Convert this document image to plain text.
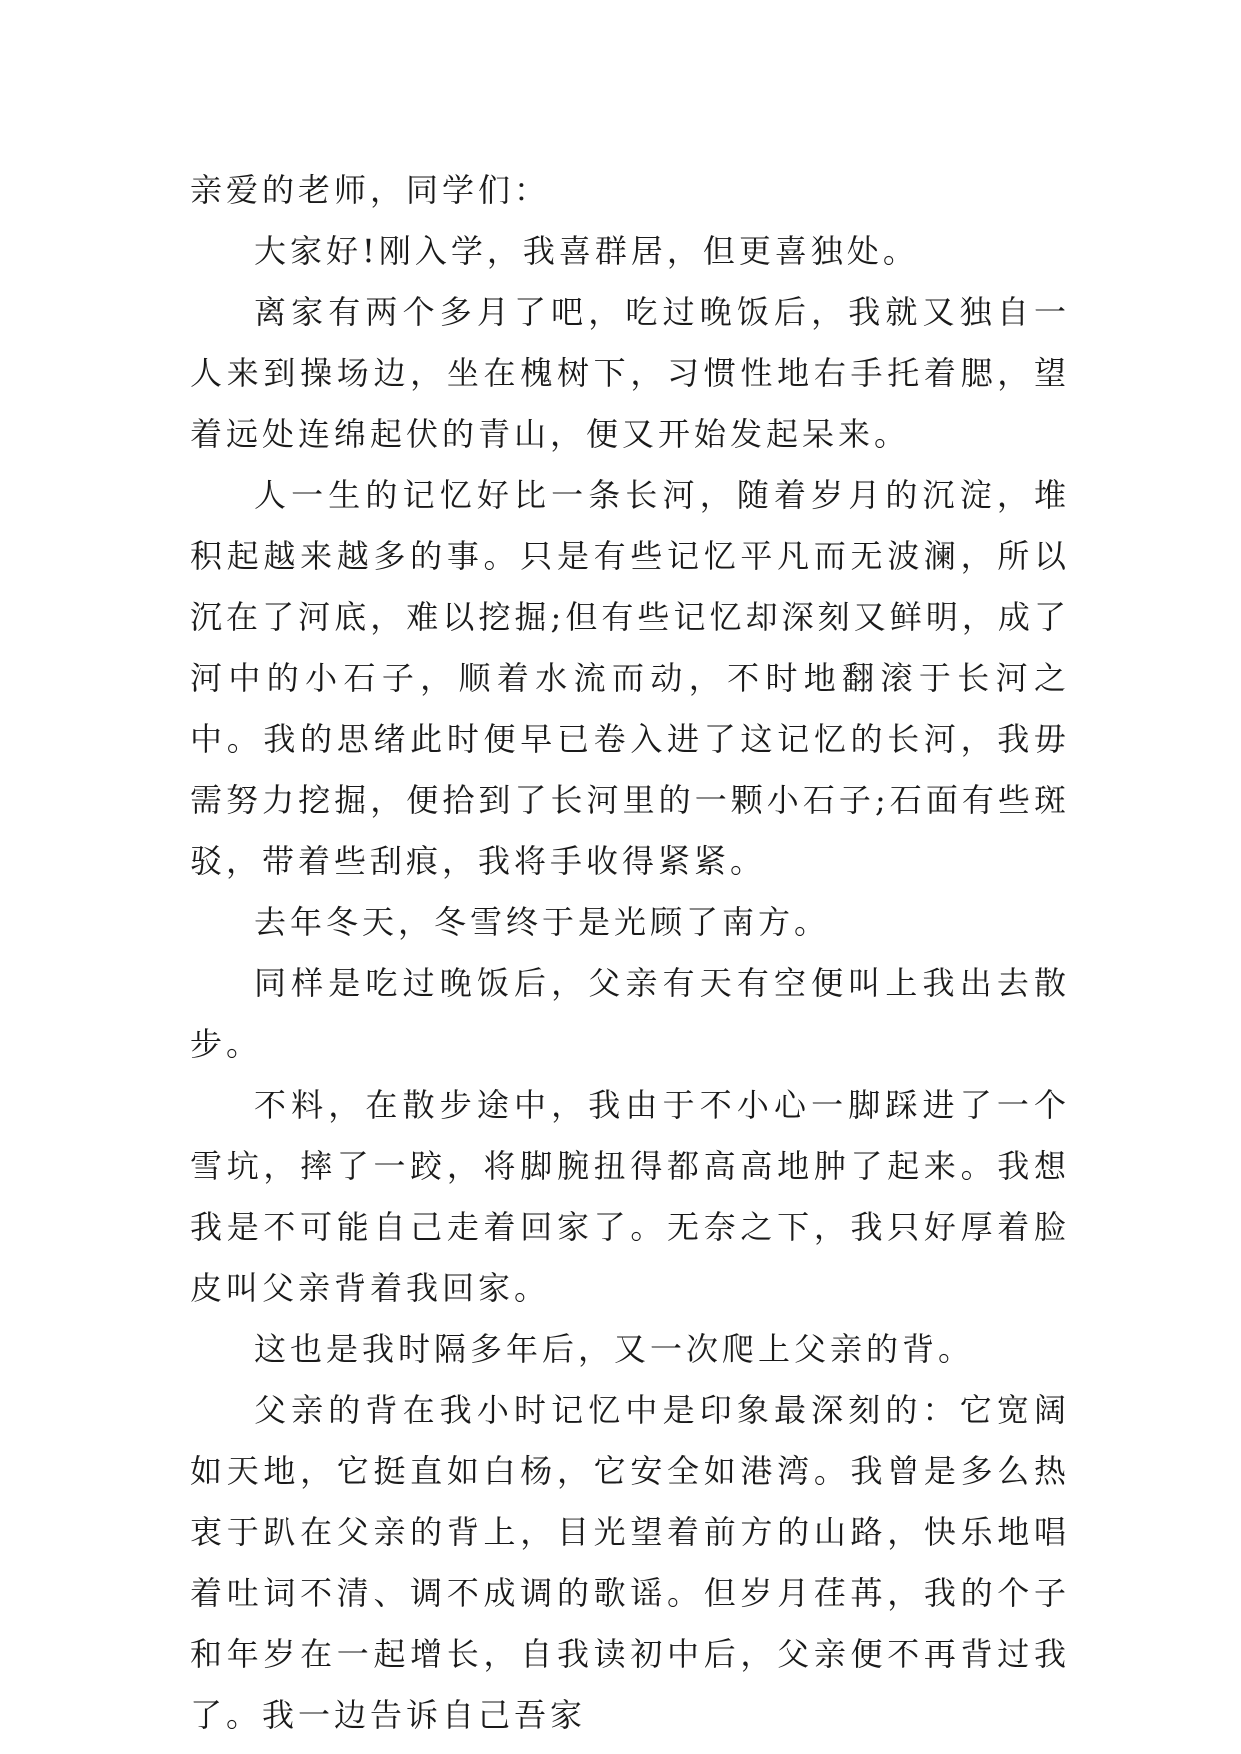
亲爱的老师，同学们：

大家好!刚入学，我喜群居，但更喜独处。

离家有两个多月了吧，吃过晚饭后，我就又独自一人来到操场边，坐在槐树下，习惯性地右手托着腮，望着远处连绵起伏的青山，便又开始发起呆来。

人一生的记忆好比一条长河，随着岁月的沉淀，堆积起越来越多的事。只是有些记忆平凡而无波澜，所以沉在了河底，难以挖掘;但有些记忆却深刻又鲜明，成了河中的小石子，顺着水流而动，不时地翻滚于长河之中。我的思绪此时便早已卷入进了这记忆的长河，我毋需努力挖掘，便拾到了长河里的一颗小石子;石面有些斑驳，带着些刮痕，我将手收得紧紧。

去年冬天，冬雪终于是光顾了南方。

同样是吃过晚饭后，父亲有天有空便叫上我出去散步。

不料，在散步途中，我由于不小心一脚踩进了一个雪坑，摔了一跤，将脚腕扭得都高高地肿了起来。我想我是不可能自己走着回家了。无奈之下，我只好厚着脸皮叫父亲背着我回家。

这也是我时隔多年后，又一次爬上父亲的背。

父亲的背在我小时记忆中是印象最深刻的：它宽阔如天地，它挺直如白杨，它安全如港湾。我曾是多么热衷于趴在父亲的背上，目光望着前方的山路，快乐地唱着吐词不清、调不成调的歌谣。但岁月荏苒，我的个子和年岁在一起增长，自我读初中后，父亲便不再背过我了。我一边告诉自己吾家
